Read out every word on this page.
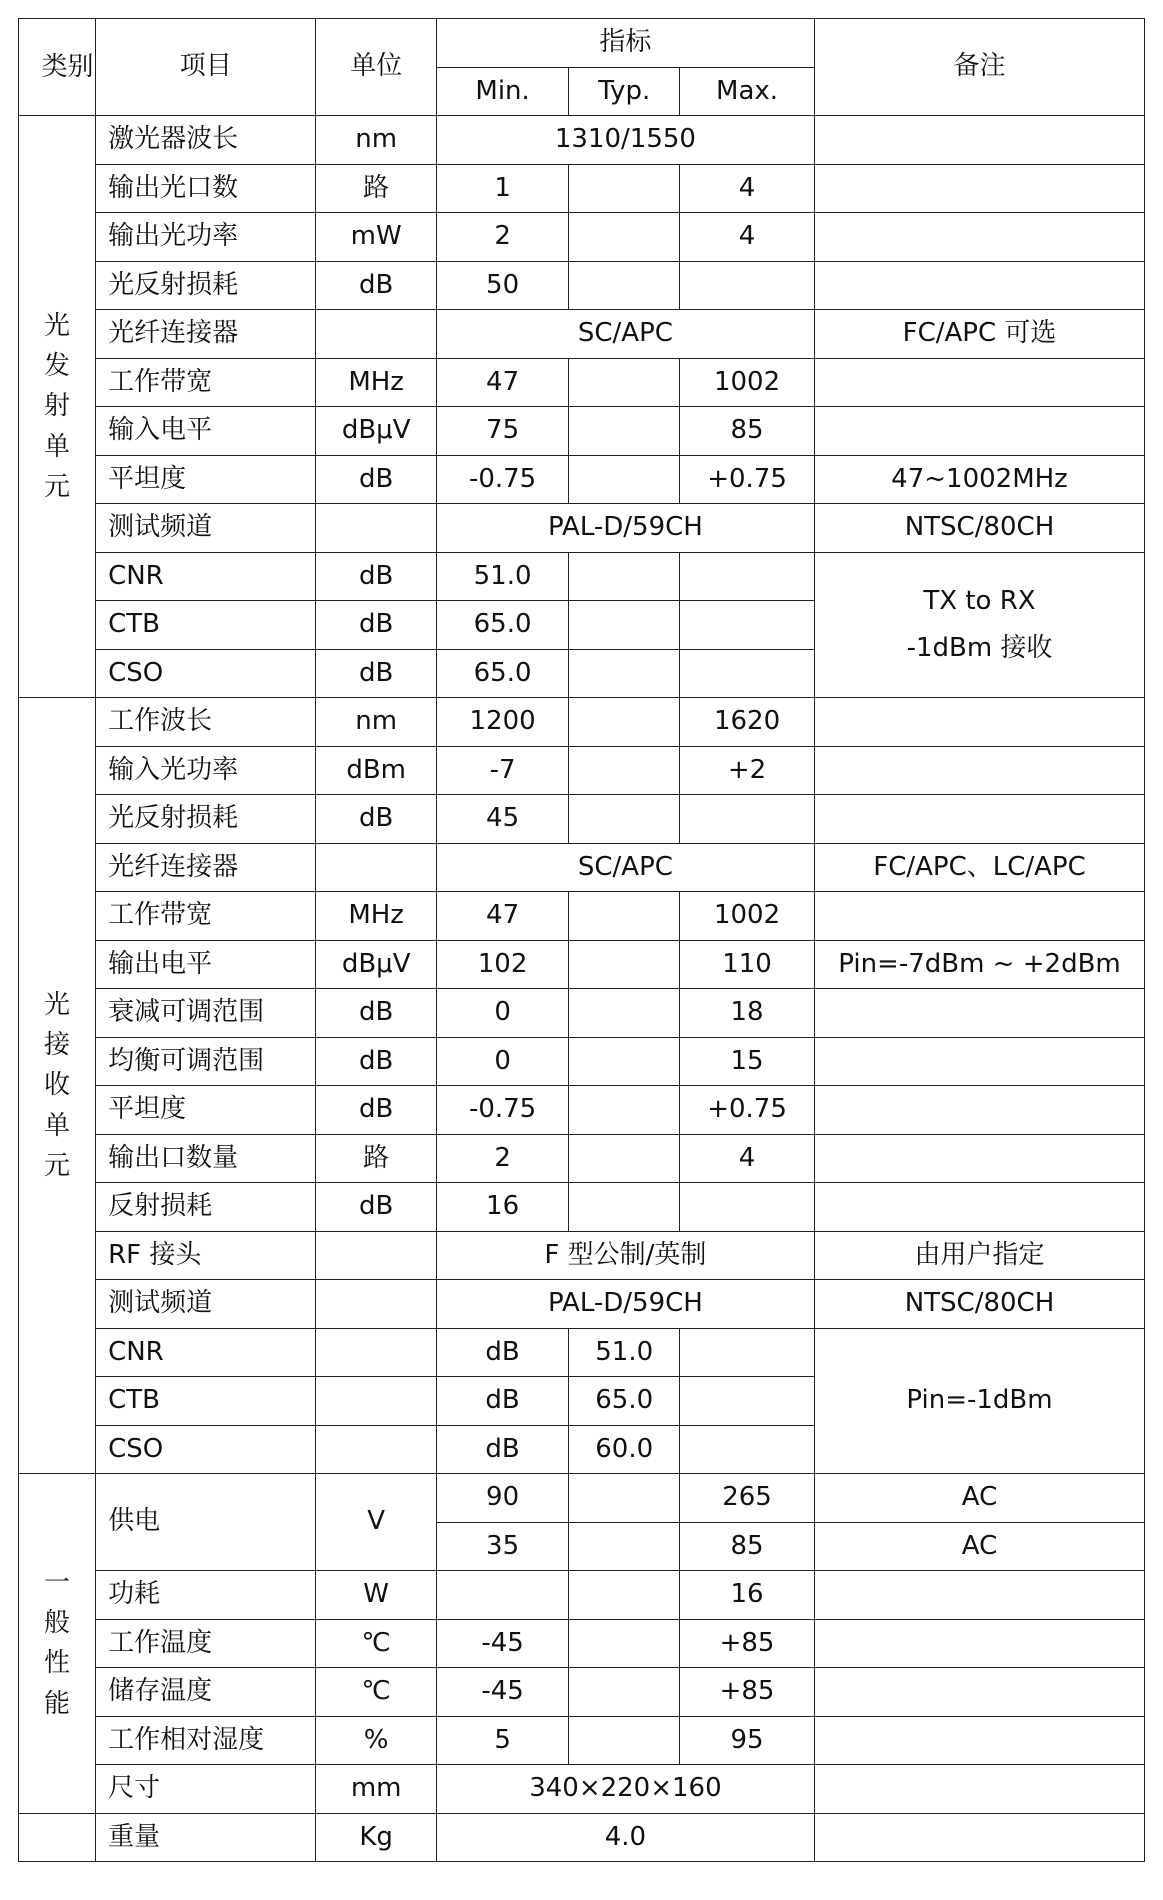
类别	项目	单位	指标			备注
			Min.	Typ.	Max.	
光发射单元	激光器波长	nm	1310/1550			
	输出光口数	路	1		4	
	输出光功率	mW	2		4	
	光反射损耗	dB	50			
	光纤连接器		SC/APC			FC/APC 可选
	工作带宽	MHz	47		1002	
	输入电平	dBμV	75		85	
	平坦度	dB	-0.75		+0.75	47~1002MHz
	测试频道		PAL-D/59CH			NTSC/80CH
	CNR	dB	51.0			TX to RX
-1dBm 接收

	CTB	dB	65.0			
	CSO	dB	65.0			
光接收单元	工作波长	nm	1200		1620	
	输入光功率	dBm	-7		+2	
	光反射损耗	dB	45			
	光纤连接器		SC/APC			FC/APC、LC/APC
	工作带宽	MHz	47		1002	
	输出电平	dBμV	102		110	Pin=-7dBm ~ +2dBm
	衰减可调范围	dB	0		18	
	均衡可调范围	dB	0		15	
	平坦度	dB	-0.75		+0.75	
	输出口数量	路	2		4	
	反射损耗	dB	16			
	RF 接头		F 型公制/英制			由用户指定
	测试频道		PAL-D/59CH			NTSC/80CH
	CNR		dB	51.0		Pin=-1dBm
	CTB		dB	65.0		
	CSO		dB	60.0		
一般性能	供电	V	90		265	AC
			35		85	AC
	功耗	W			16	
	工作温度	℃	-45		+85	
	储存温度	℃	-45		+85	
	工作相对湿度	%	5		95	
	尺寸	mm	340×220×160			
	重量	Kg	4.0			
